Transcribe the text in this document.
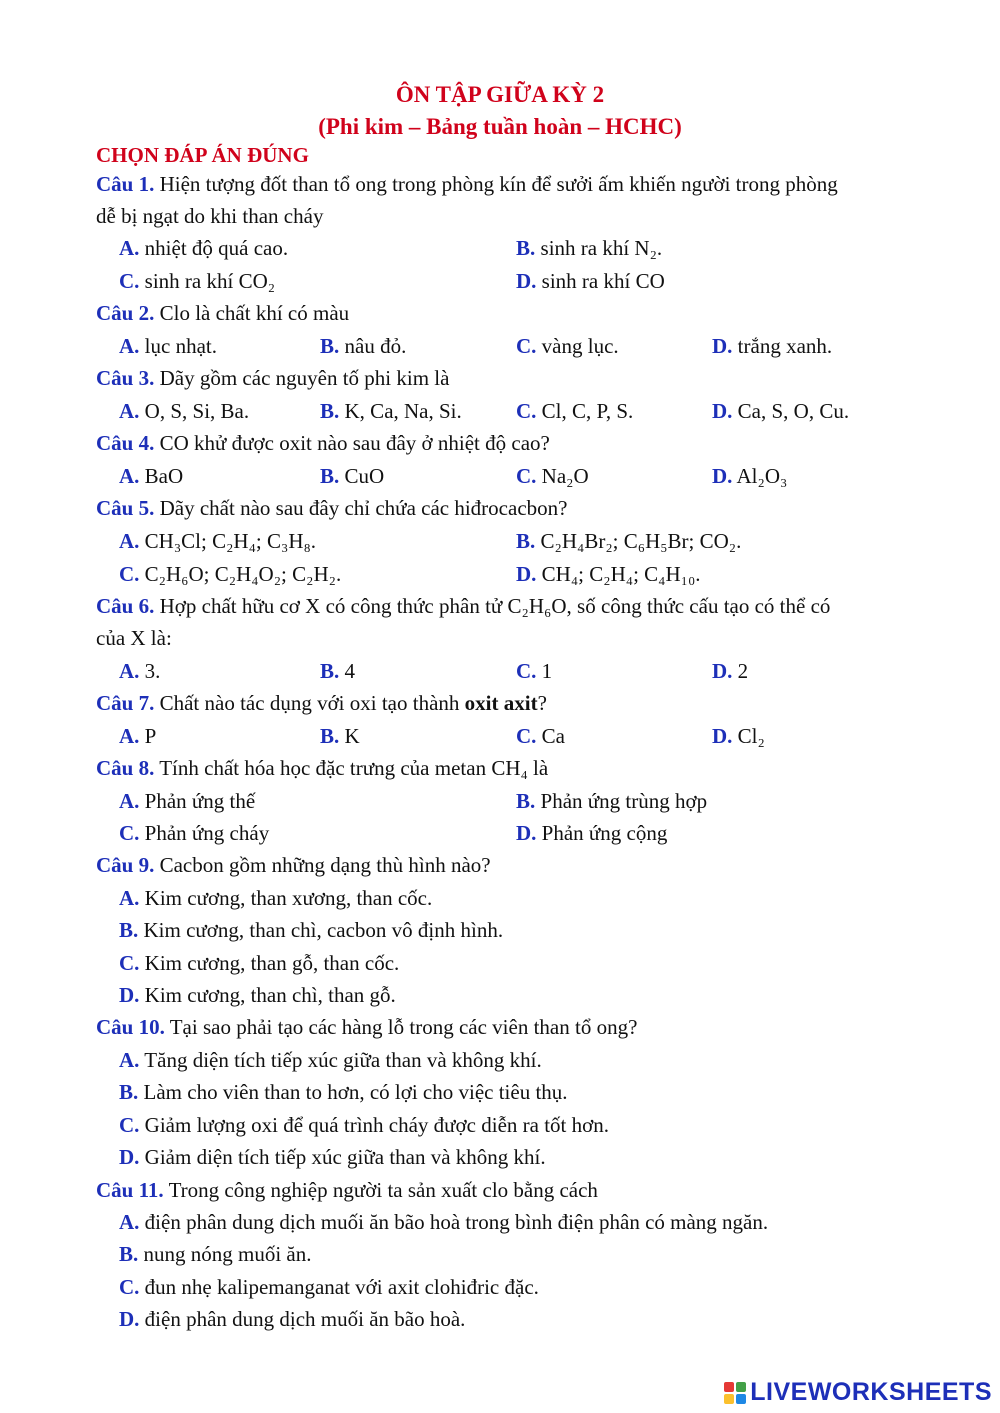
ÔN TẬP GIỮA KỲ 2
(Phi kim – Bảng tuần hoàn – HCHC)
CHỌN ĐÁP ÁN ĐÚNG
Câu 1. Hiện tượng đốt than tổ ong trong phòng kín để sưởi ấm khiến người trong phòng
dễ bị ngạt do khi than cháy
A. nhiệt độ quá cao.	B. sinh ra khí N₂.
C. sinh ra khí CO₂	D. sinh ra khí CO
Câu 2. Clo là chất khí có màu
A. lục nhạt.	B. nâu đỏ.	C. vàng lục.	D. trắng xanh.
Câu 3. Dãy gồm các nguyên tố phi kim là
A. O, S, Si, Ba.	B. K, Ca, Na, Si.	C. Cl, C, P, S.	D. Ca, S, O, Cu.
Câu 4. CO khử được oxit nào sau đây ở nhiệt độ cao?
A. BaO	B. CuO	C. Na₂O	D. Al₂O₃
Câu 5. Dãy chất nào sau đây chỉ chứa các hiđrocacbon?
A. CH₃Cl; C₂H₄; C₃H₈.	B. C₂H₄Br₂; C₆H₅Br; CO₂.
C. C₂H₆O; C₂H₄O₂; C₂H₂.	D. CH₄; C₂H₄; C₄H₁₀.
Câu 6. Hợp chất hữu cơ X có công thức phân tử C₂H₆O, số công thức cấu tạo có thể có
của X là:
A. 3.	B. 4	C. 1	D. 2
Câu 7. Chất nào tác dụng với oxi tạo thành oxit axit?
A. P	B. K	C. Ca	D. Cl₂
Câu 8. Tính chất hóa học đặc trưng của metan CH₄ là
A. Phản ứng thế	B. Phản ứng trùng hợp
C. Phản ứng cháy	D. Phản ứng cộng
Câu 9. Cacbon gồm những dạng thù hình nào?
A. Kim cương, than xương, than cốc.
B. Kim cương, than chì, cacbon vô định hình.
C. Kim cương, than gỗ, than cốc.
D. Kim cương, than chì, than gỗ.
Câu 10. Tại sao phải tạo các hàng lỗ trong các viên than tổ ong?
A. Tăng diện tích tiếp xúc giữa than và không khí.
B. Làm cho viên than to hơn, có lợi cho việc tiêu thụ.
C. Giảm lượng oxi để quá trình cháy được diễn ra tốt hơn.
D. Giảm diện tích tiếp xúc giữa than và không khí.
Câu 11. Trong công nghiệp người ta sản xuất clo bằng cách
A. điện phân dung dịch muối ăn bão hoà trong bình điện phân có màng ngăn.
B. nung nóng muối ăn.
C. đun nhẹ kalipemanganat với axit clohiđric đặc.
D. điện phân dung dịch muối ăn bão hoà.
LIVEWORKSHEETS
